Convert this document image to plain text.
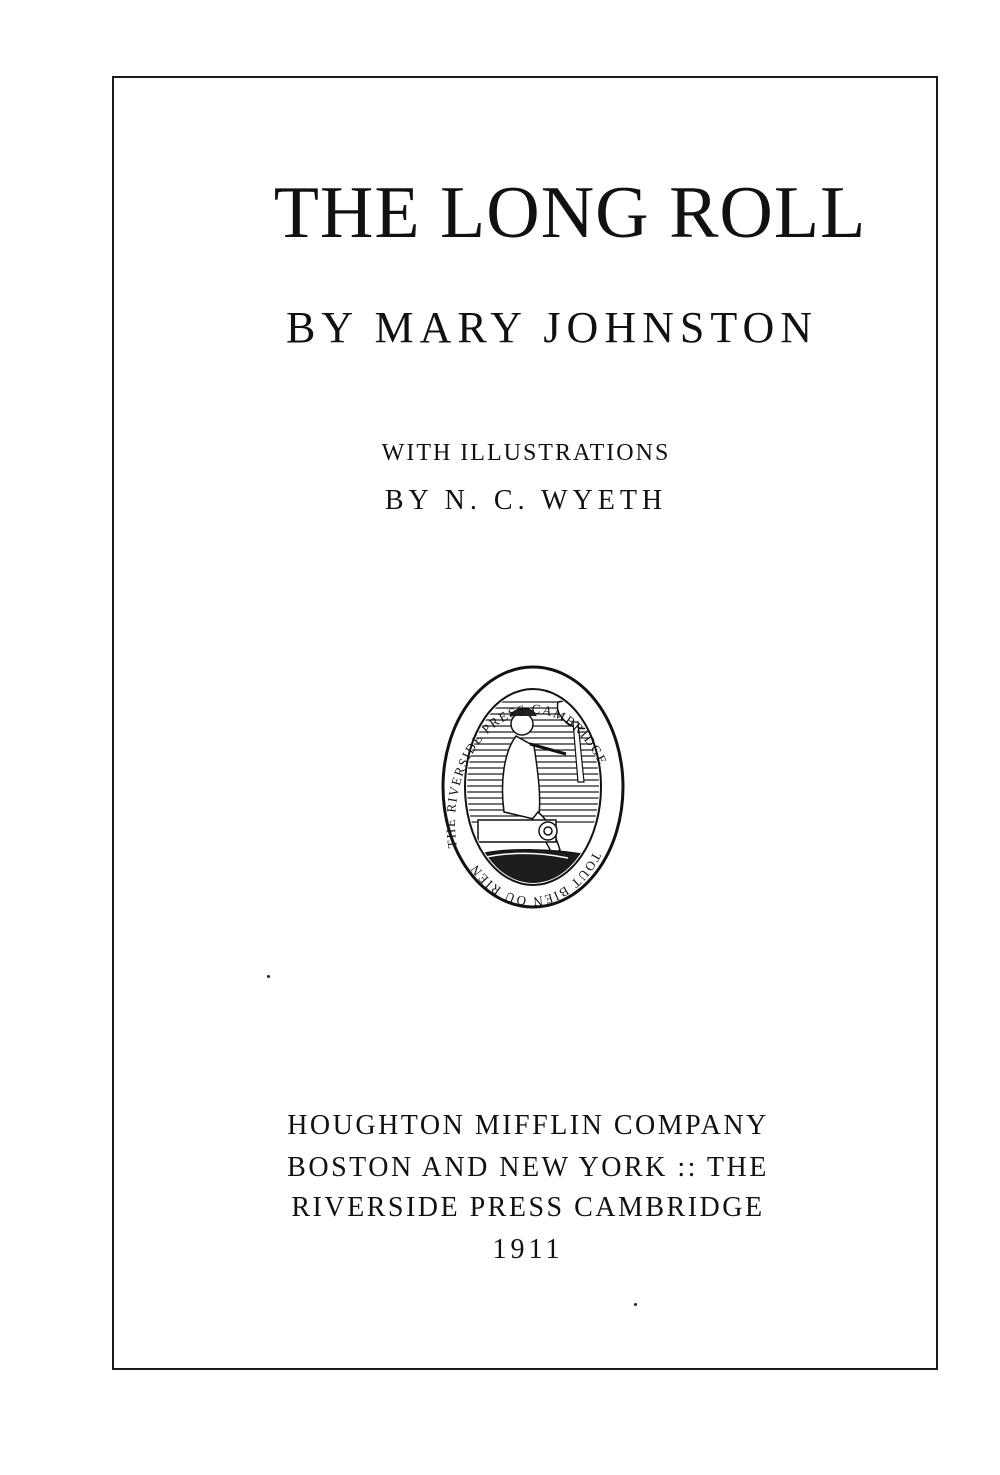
THE LONG ROLL
BY MARY JOHNSTON
WITH ILLUSTRATIONS
BY N. C. WYETH
THE RIVERSIDE PRESS CAMBRIDGE
TOUT BIEN OU RIEN
HOUGHTON MIFFLIN COMPANY
BOSTON AND NEW YORK :: THE
RIVERSIDE PRESS CAMBRIDGE
1911
